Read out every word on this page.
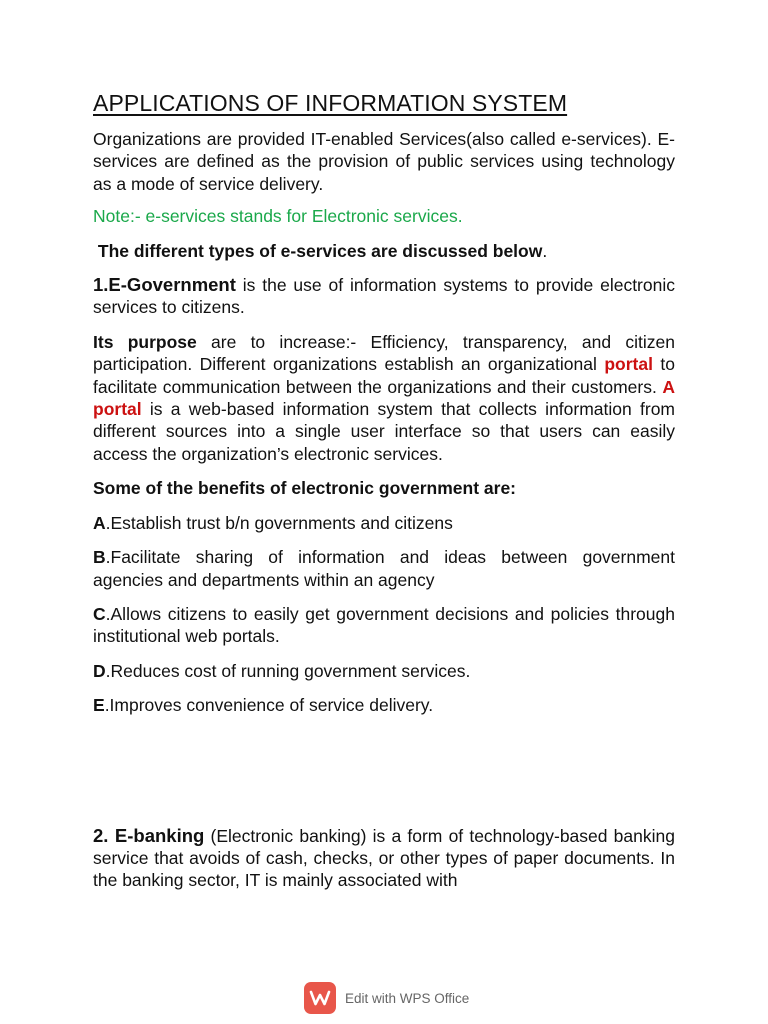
APPLICATIONS OF INFORMATION SYSTEM

Organizations are provided IT-enabled Services(also called e-services). E-services are defined as the provision of public services using technology as a mode of service delivery.

Note:- e-services stands for Electronic services.

The different types of e-services are discussed below.

1.E-Government is the use of information systems to provide electronic services to citizens.

Its purpose are to increase:- Efficiency, transparency, and citizen participation. Different organizations establish an organizational portal to facilitate communication between the organizations and their customers. A portal is a web-based information system that collects information from different sources into a single user interface so that users can easily access the organization’s electronic services.

Some of the benefits of electronic government are:

A.Establish trust b/n governments and citizens

B.Facilitate sharing of information and ideas between government agencies and departments within an agency

C.Allows citizens to easily get government decisions and policies through institutional web portals.

D.Reduces cost of running government services.

E.Improves convenience of service delivery.

2. E-banking (Electronic banking) is a form of technology-based banking service that avoids of cash, checks, or other types of paper documents. In the banking sector, IT is mainly associated with

Edit with WPS Office
